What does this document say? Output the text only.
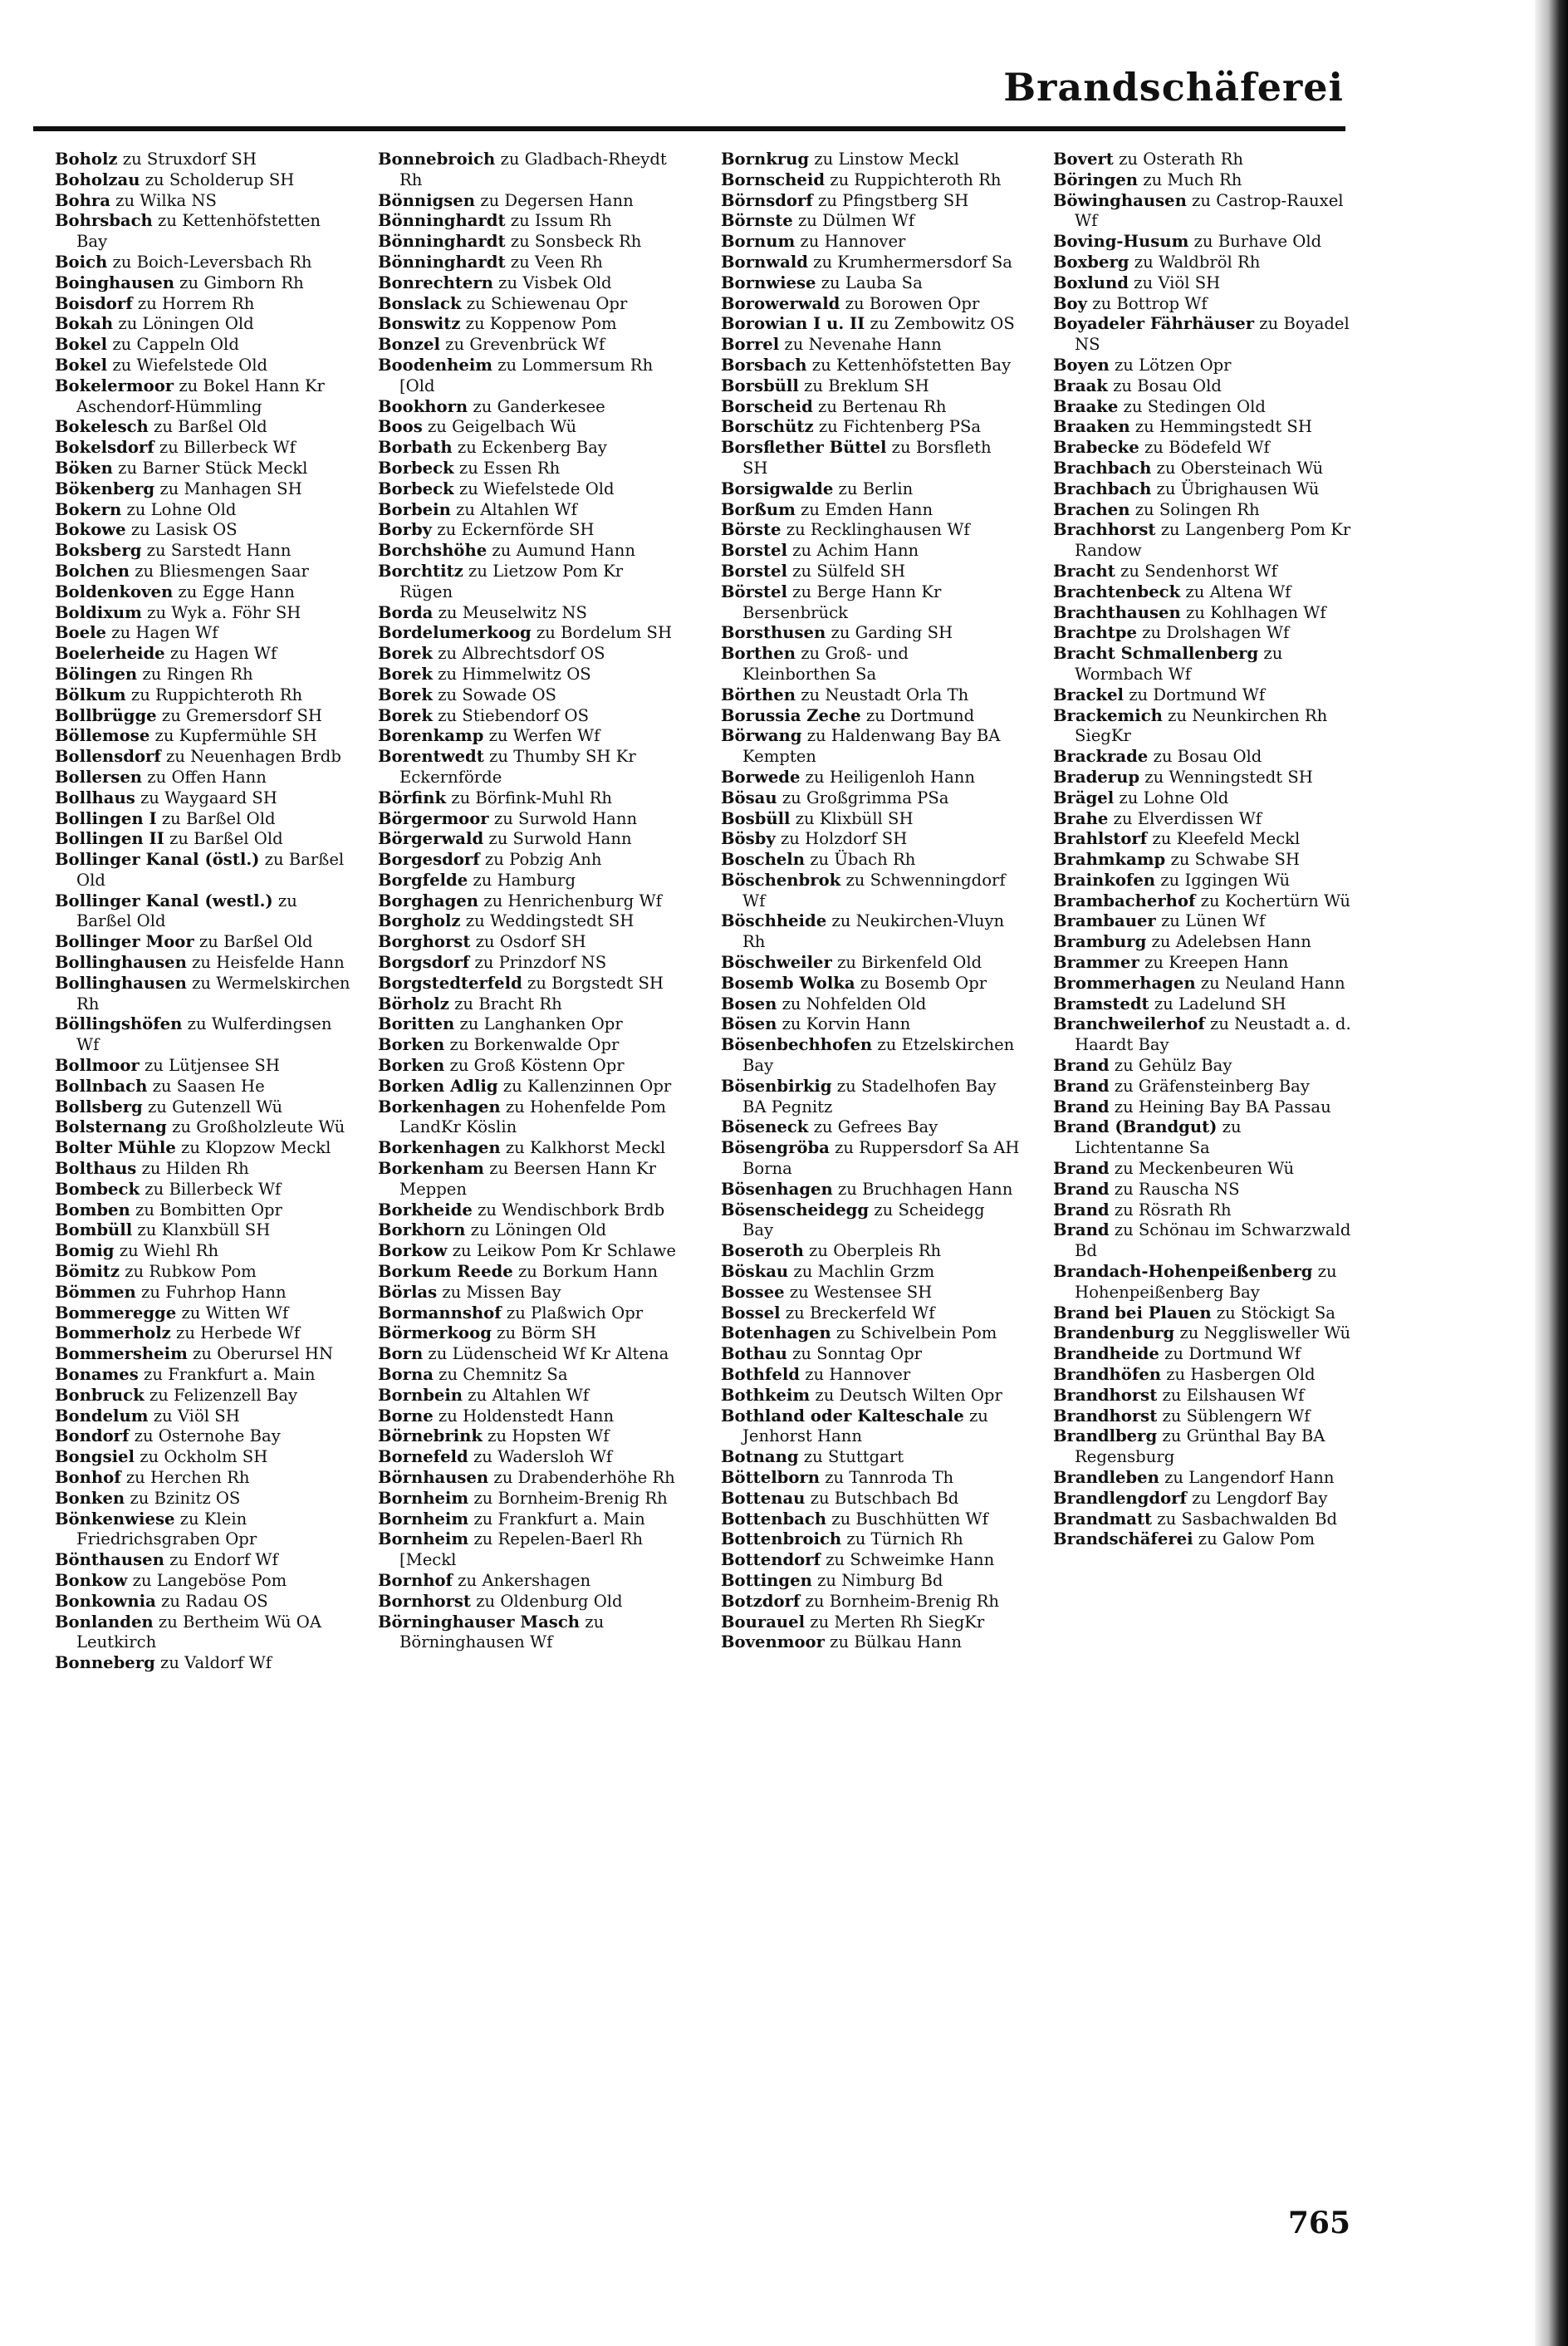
Brandschäferei
Boholz zu Struxdorf SH
Boholzau zu Scholderup SH
Bohra zu Wilka NS
Bohrsbach zu Kettenhöfstetten Bay
Boich zu Boich-Leversbach Rh
Boinghausen zu Gimborn Rh
Boisdorf zu Horrem Rh
Bokah zu Löningen Old
Bokel zu Cappeln Old
Bokel zu Wiefelstede Old
Bokelermoor zu Bokel Hann Kr Aschendorf-Hümmling
Bokelesch zu Barßel Old
Bokelsdorf zu Billerbeck Wf
Böken zu Barner Stück Meckl
Bökenberg zu Manhagen SH
Bokern zu Lohne Old
Bokowe zu Lasisk OS
Boksberg zu Sarstedt Hann
Bolchen zu Bliesmengen Saar
Boldenkoven zu Egge Hann
Boldixum zu Wyk a. Föhr SH
Boele zu Hagen Wf
Boelerheide zu Hagen Wf
Bölingen zu Ringen Rh
Bölkum zu Ruppichteroth Rh
Bollbrügge zu Gremersdorf SH
Böllemose zu Kupfermühle SH
Bollensdorf zu Neuenhagen Brdb
Bollersen zu Offen Hann
Bollhaus zu Waygaard SH
Bollingen I zu Barßel Old
Bollingen II zu Barßel Old
Bollinger Kanal (östl.) zu Barßel Old
Bollinger Kanal (westl.) zu Barßel Old
Bollinger Moor zu Barßel Old
Bollinghausen zu Heisfelde Hann
Bollinghausen zu Wermelskirchen Rh
Böllingshöfen zu Wulferdingsen Wf
Bollmoor zu Lütjensee SH
Bollnbach zu Saasen He
Bollsberg zu Gutenzell Wü
Bolsternang zu Großholzleute Wü
Bolter Mühle zu Klopzow Meckl
Bolthaus zu Hilden Rh
Bombeck zu Billerbeck Wf
Bomben zu Bombitten Opr
Bombüll zu Klanxbüll SH
Bomig zu Wiehl Rh
Bömitz zu Rubkow Pom
Bömmen zu Fuhrhop Hann
Bommeregge zu Witten Wf
Bommerholz zu Herbede Wf
Bommersheim zu Oberursel HN
Bonames zu Frankfurt a. Main
Bonbruck zu Felizenzell Bay
Bondelum zu Viöl SH
Bondorf zu Osternohe Bay
Bongsiel zu Ockholm SH
Bonhof zu Herchen Rh
Bonken zu Bzinitz OS
Bönkenwiese zu Klein Friedrichsgraben Opr
Bönthausen zu Endorf Wf
Bonkow zu Langeböse Pom
Bonkownia zu Radau OS
Bonlanden zu Bertheim Wü OA Leutkirch
Bonneberg zu Valdorf Wf
Bonnebroich zu Gladbach-Rheydt Rh
Bönnigsen zu Degersen Hann
Bönninghardt zu Issum Rh
Bönninghardt zu Sonsbeck Rh
Bönninghardt zu Veen Rh
Bonrechtern zu Visbek Old
Bonslack zu Schiewenau Opr
Bonswitz zu Koppenow Pom
Bonzel zu Grevenbrück Wf
Boodenheim zu Lommersum Rh [Old
Bookhorn zu Ganderkesee
Boos zu Geigelbach Wü
Borbath zu Eckenberg Bay
Borbeck zu Essen Rh
Borbeck zu Wiefelstede Old
Borbein zu Altahlen Wf
Borby zu Eckernförde SH
Borchshöhe zu Aumund Hann
Borchtitz zu Lietzow Pom Kr Rügen
Borda zu Meuselwitz NS
Bordelumerkoog zu Bordelum SH
Borek zu Albrechtsdorf OS
Borek zu Himmelwitz OS
Borek zu Sowade OS
Borek zu Stiebendorf OS
Borenkamp zu Werfen Wf
Borentwedt zu Thumby SH Kr Eckernförde
Börfink zu Börfink-Muhl Rh
Börgermoor zu Surwold Hann
Börgerwald zu Surwold Hann
Borgesdorf zu Pobzig Anh
Borgfelde zu Hamburg
Borghagen zu Henrichenburg Wf
Borgholz zu Weddingstedt SH
Borghorst zu Osdorf SH
Borgsdorf zu Prinzdorf NS
Borgstedterfeld zu Borgstedt SH
Börholz zu Bracht Rh
Boritten zu Langhanken Opr
Borken zu Borkenwalde Opr
Borken zu Groß Köstenn Opr
Borken Adlig zu Kallenzinnen Opr
Borkenhagen zu Hohenfelde Pom LandKr Köslin
Borkenhagen zu Kalkhorst Meckl
Borkenham zu Beersen Hann Kr Meppen
Borkheide zu Wendischbork Brdb
Borkhorn zu Löningen Old
Borkow zu Leikow Pom Kr Schlawe
Borkum Reede zu Borkum Hann
Börlas zu Missen Bay
Bormannshof zu Plaßwich Opr
Börmerkoog zu Börm SH
Born zu Lüdenscheid Wf Kr Altena
Borna zu Chemnitz Sa
Bornbein zu Altahlen Wf
Borne zu Holdenstedt Hann
Börnebrink zu Hopsten Wf
Bornefeld zu Wadersloh Wf
Börnhausen zu Drabenderhöhe Rh
Bornheim zu Bornheim-Brenig Rh
Bornheim zu Frankfurt a. Main
Bornheim zu Repelen-Baerl Rh [Meckl
Bornhof zu Ankershagen
Bornhorst zu Oldenburg Old
Börninghauser Masch zu Börninghausen Wf
Bornkrug zu Linstow Meckl
Bornscheid zu Ruppichteroth Rh
Börnsdorf zu Pfingstberg SH
Börnste zu Dülmen Wf
Bornum zu Hannover
Bornwald zu Krumhermersdorf Sa
Bornwiese zu Lauba Sa
Borowerwald zu Borowen Opr
Borowian I u. II zu Zembowitz OS
Borrel zu Nevenahe Hann
Borsbach zu Kettenhöfstetten Bay
Borsbüll zu Breklum SH
Borscheid zu Bertenau Rh
Borschütz zu Fichtenberg PSa
Borsflether Büttel zu Borsfleth SH
Borsigwalde zu Berlin
Borßum zu Emden Hann
Börste zu Recklinghausen Wf
Borstel zu Achim Hann
Borstel zu Sülfeld SH
Börstel zu Berge Hann Kr Bersenbrück
Borsthusen zu Garding SH
Borthen zu Groß- und Kleinborthen Sa
Börthen zu Neustadt Orla Th
Borussia Zeche zu Dortmund
Börwang zu Haldenwang Bay BA Kempten
Borwede zu Heiligenloh Hann
Bösau zu Großgrimma PSa
Bosbüll zu Klixbüll SH
Bösby zu Holzdorf SH
Boscheln zu Übach Rh
Böschenbrok zu Schwenningdorf Wf
Böschheide zu Neukirchen-Vluyn Rh
Böschweiler zu Birkenfeld Old
Bosemb Wolka zu Bosemb Opr
Bosen zu Nohfelden Old
Bösen zu Korvin Hann
Bösenbechhofen zu Etzelskirchen Bay
Bösenbirkig zu Stadelhofen Bay BA Pegnitz
Böseneck zu Gefrees Bay
Bösengröba zu Ruppersdorf Sa AH Borna
Bösenhagen zu Bruchhagen Hann
Bösenscheidegg zu Scheidegg Bay
Boseroth zu Oberpleis Rh
Böskau zu Machlin Grzm
Bossee zu Westensee SH
Bossel zu Breckerfeld Wf
Botenhagen zu Schivelbein Pom
Bothau zu Sonntag Opr
Bothfeld zu Hannover
Bothkeim zu Deutsch Wilten Opr
Bothland oder Kalteschale zu Jenhorst Hann
Botnang zu Stuttgart
Böttelborn zu Tannroda Th
Bottenau zu Butschbach Bd
Bottenbach zu Buschhütten Wf
Bottenbroich zu Türnich Rh
Bottendorf zu Schweimke Hann
Bottingen zu Nimburg Bd
Botzdorf zu Bornheim-Brenig Rh
Bourauel zu Merten Rh SiegKr
Bovenmoor zu Bülkau Hann
Bovert zu Osterath Rh
Böringen zu Much Rh
Böwinghausen zu Castrop-Rauxel Wf
Boving-Husum zu Burhave Old
Boxberg zu Waldbröl Rh
Boxlund zu Viöl SH
Boy zu Bottrop Wf
Boyadeler Fährhäuser zu Boyadel NS
Boyen zu Lötzen Opr
Braak zu Bosau Old
Braake zu Stedingen Old
Braaken zu Hemmingstedt SH
Brabecke zu Bödefeld Wf
Brachbach zu Obersteinach Wü
Brachbach zu Übrighausen Wü
Brachen zu Solingen Rh
Brachhorst zu Langenberg Pom Kr Randow
Bracht zu Sendenhorst Wf
Brachtenbeck zu Altena Wf
Brachthausen zu Kohlhagen Wf
Brachtpe zu Drolshagen Wf
Bracht Schmallenberg zu Wormbach Wf
Brackel zu Dortmund Wf
Brackemich zu Neunkirchen Rh SiegKr
Brackrade zu Bosau Old
Braderup zu Wenningstedt SH
Brägel zu Lohne Old
Brahe zu Elverdissen Wf
Brahlstorf zu Kleefeld Meckl
Brahmkamp zu Schwabe SH
Brainkofen zu Iggingen Wü
Brambacherhof zu Kochertürn Wü
Brambauer zu Lünen Wf
Bramburg zu Adelebsen Hann
Brammer zu Kreepen Hann
Brommerhagen zu Neuland Hann
Bramstedt zu Ladelund SH
Branchweilerhof zu Neustadt a. d. Haardt Bay
Brand zu Gehülz Bay
Brand zu Gräfensteinberg Bay
Brand zu Heining Bay BA Passau
Brand (Brandgut) zu Lichtentanne Sa
Brand zu Meckenbeuren Wü
Brand zu Rauscha NS
Brand zu Rösrath Rh
Brand zu Schönau im Schwarzwald Bd
Brandach-Hohenpeißenberg zu Hohenpeißenberg Bay
Brand bei Plauen zu Stöckigt Sa
Brandenburg zu Negglisweller Wü
Brandheide zu Dortmund Wf
Brandhöfen zu Hasbergen Old
Brandhorst zu Eilshausen Wf
Brandhorst zu Süblengern Wf
Brandlberg zu Grünthal Bay BA Regensburg
Brandleben zu Langendorf Hann
Brandlengdorf zu Lengdorf Bay
Brandmatt zu Sasbachwalden Bd
Brandschäferei zu Galow Pom
765
